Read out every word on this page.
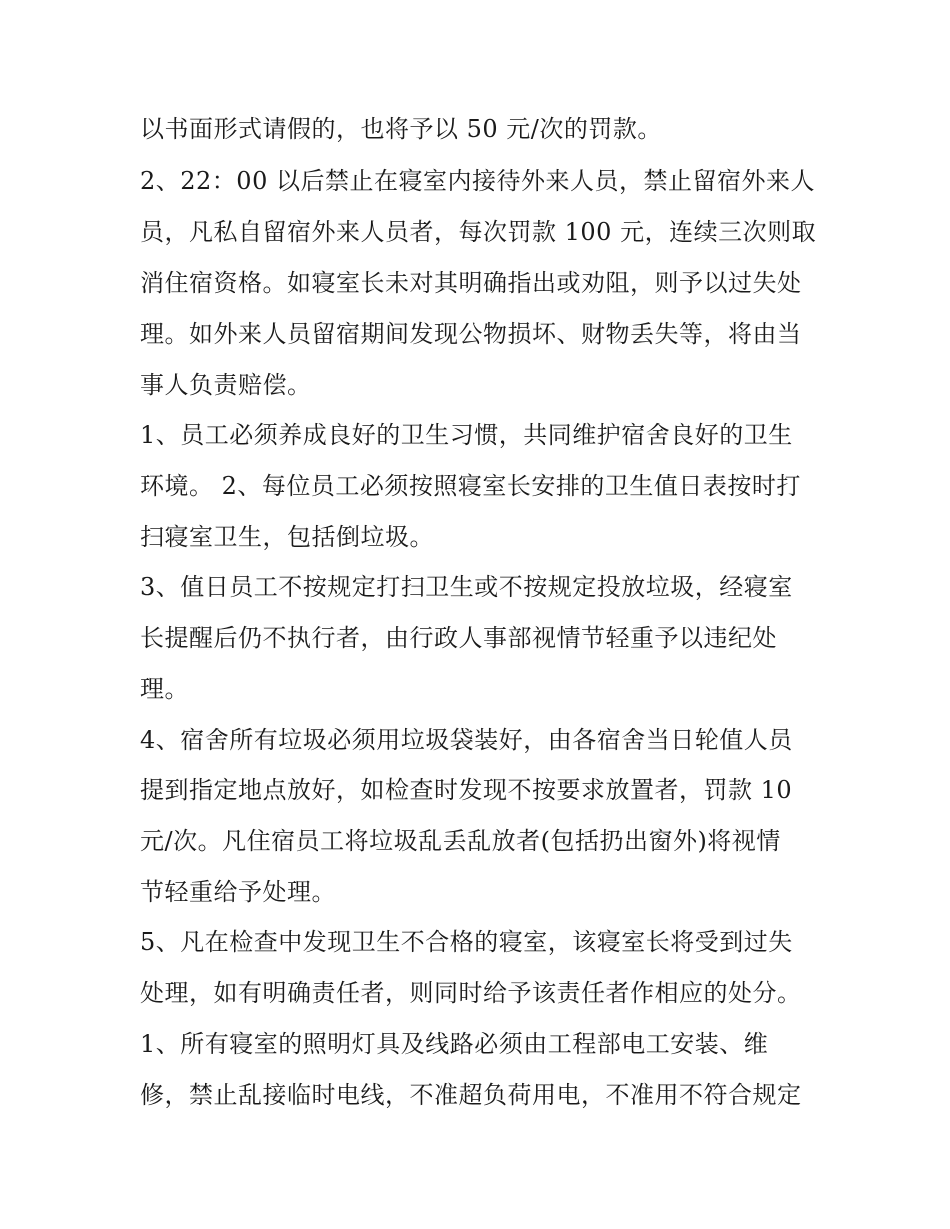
以书面形式请假的，也将予以 50 元/次的罚款。
2、22：00 以后禁止在寝室内接待外来人员，禁止留宿外来人
员，凡私自留宿外来人员者，每次罚款 100 元，连续三次则取
消住宿资格。如寝室长未对其明确指出或劝阻，则予以过失处
理。如外来人员留宿期间发现公物损坏、财物丢失等，将由当
事人负责赔偿。
1、员工必须养成良好的卫生习惯，共同维护宿舍良好的卫生
环境。 2、每位员工必须按照寝室长安排的卫生值日表按时打
扫寝室卫生，包括倒垃圾。
3、值日员工不按规定打扫卫生或不按规定投放垃圾，经寝室
长提醒后仍不执行者，由行政人事部视情节轻重予以违纪处
理。
4、宿舍所有垃圾必须用垃圾袋装好，由各宿舍当日轮值人员
提到指定地点放好，如检查时发现不按要求放置者，罚款 10
元/次。凡住宿员工将垃圾乱丢乱放者(包括扔出窗外)将视情
节轻重给予处理。
5、凡在检查中发现卫生不合格的寝室，该寝室长将受到过失
处理，如有明确责任者，则同时给予该责任者作相应的处分。
1、所有寝室的照明灯具及线路必须由工程部电工安装、维
修，禁止乱接临时电线，不准超负荷用电，不准用不符合规定
